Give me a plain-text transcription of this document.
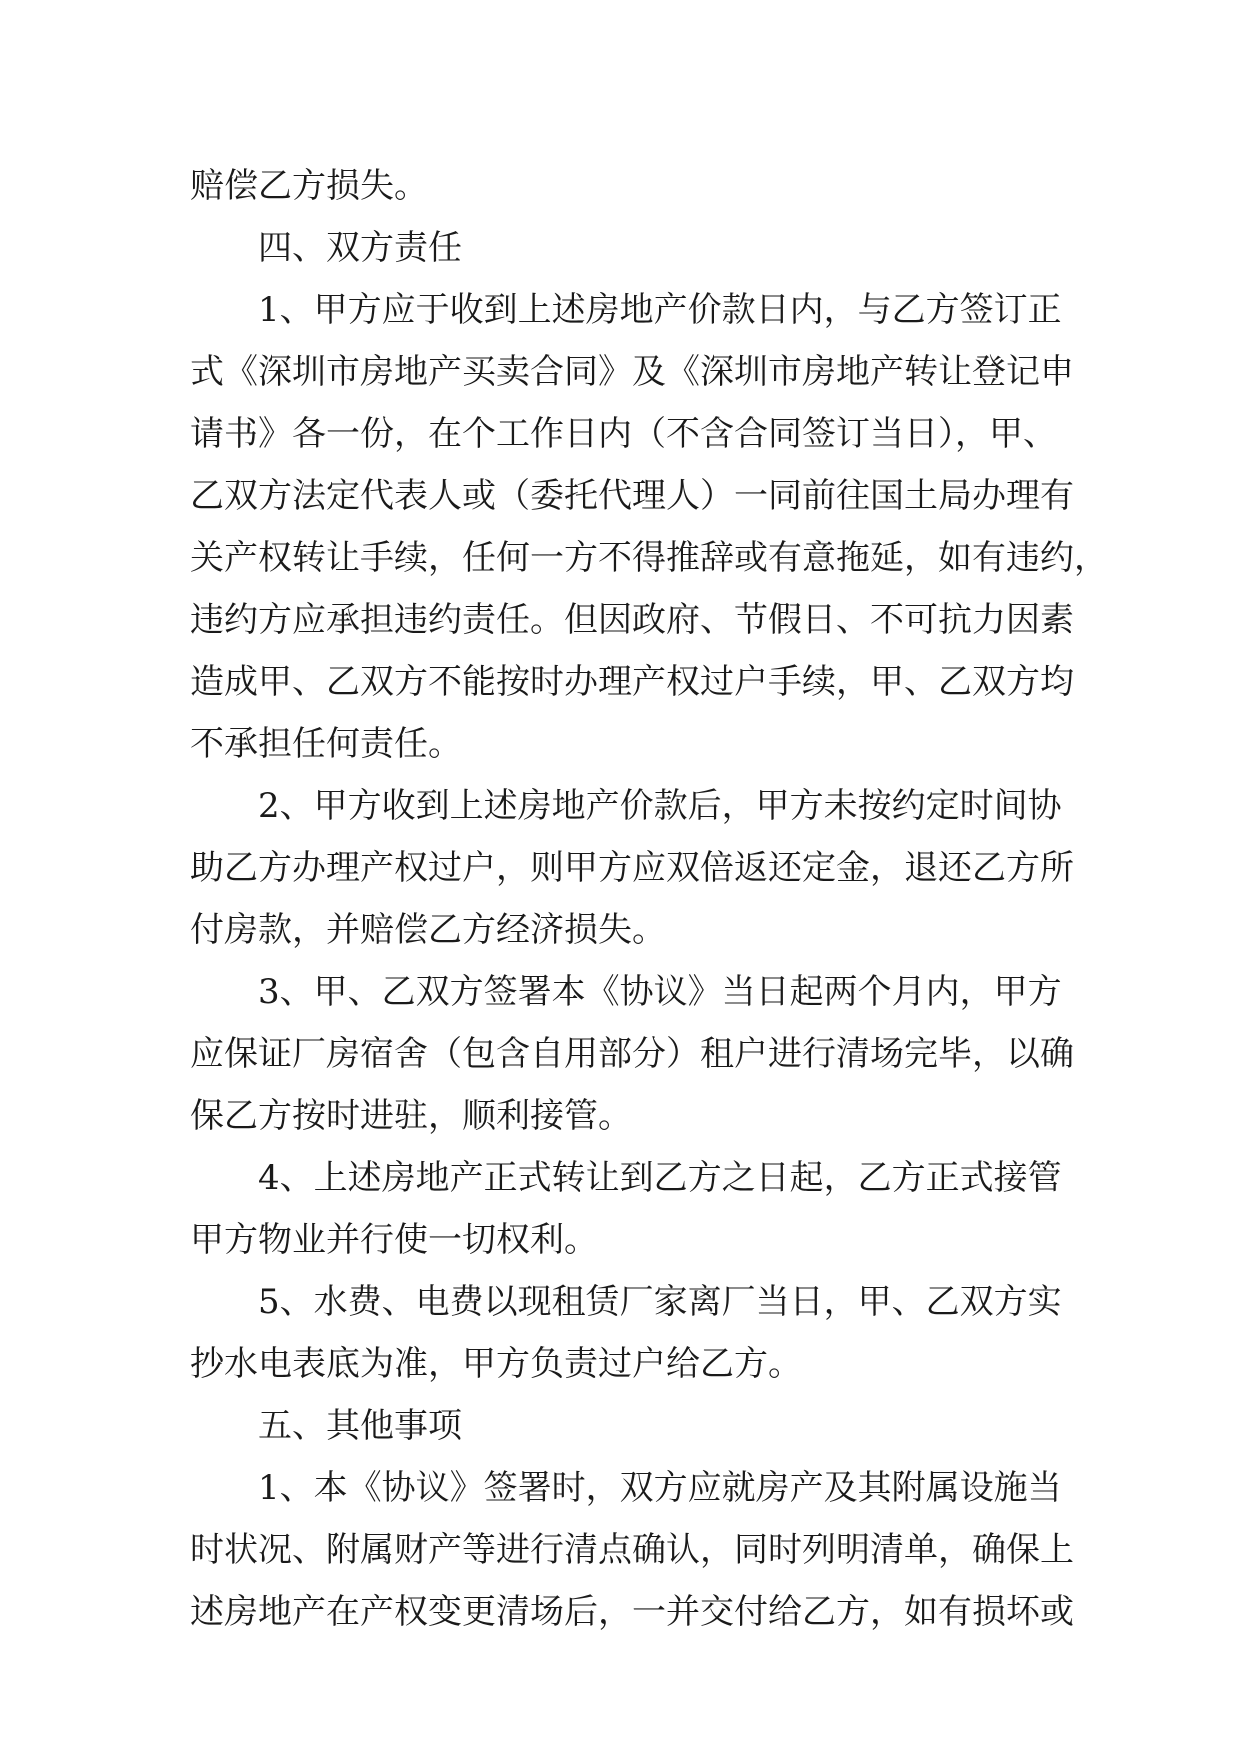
赔偿乙方损失。

四、双方责任

1、甲方应于收到上述房地产价款日内，与乙方签订正
式《深圳市房地产买卖合同》及《深圳市房地产转让登记申
请书》各一份，在个工作日内（不含合同签订当日），甲、
乙双方法定代表人或（委托代理人）一同前往国土局办理有
关产权转让手续，任何一方不得推辞或有意拖延，如有违约，
违约方应承担违约责任。但因政府、节假日、不可抗力因素
造成甲、乙双方不能按时办理产权过户手续，甲、乙双方均
不承担任何责任。

2、甲方收到上述房地产价款后，甲方未按约定时间协
助乙方办理产权过户，则甲方应双倍返还定金，退还乙方所
付房款，并赔偿乙方经济损失。

3、甲、乙双方签署本《协议》当日起两个月内，甲方
应保证厂房宿舍（包含自用部分）租户进行清场完毕，以确
保乙方按时进驻，顺利接管。

4、上述房地产正式转让到乙方之日起，乙方正式接管
甲方物业并行使一切权利。

5、水费、电费以现租赁厂家离厂当日，甲、乙双方实
抄水电表底为准，甲方负责过户给乙方。

五、其他事项

1、本《协议》签署时，双方应就房产及其附属设施当
时状况、附属财产等进行清点确认，同时列明清单，确保上
述房地产在产权变更清场后，一并交付给乙方，如有损坏或
